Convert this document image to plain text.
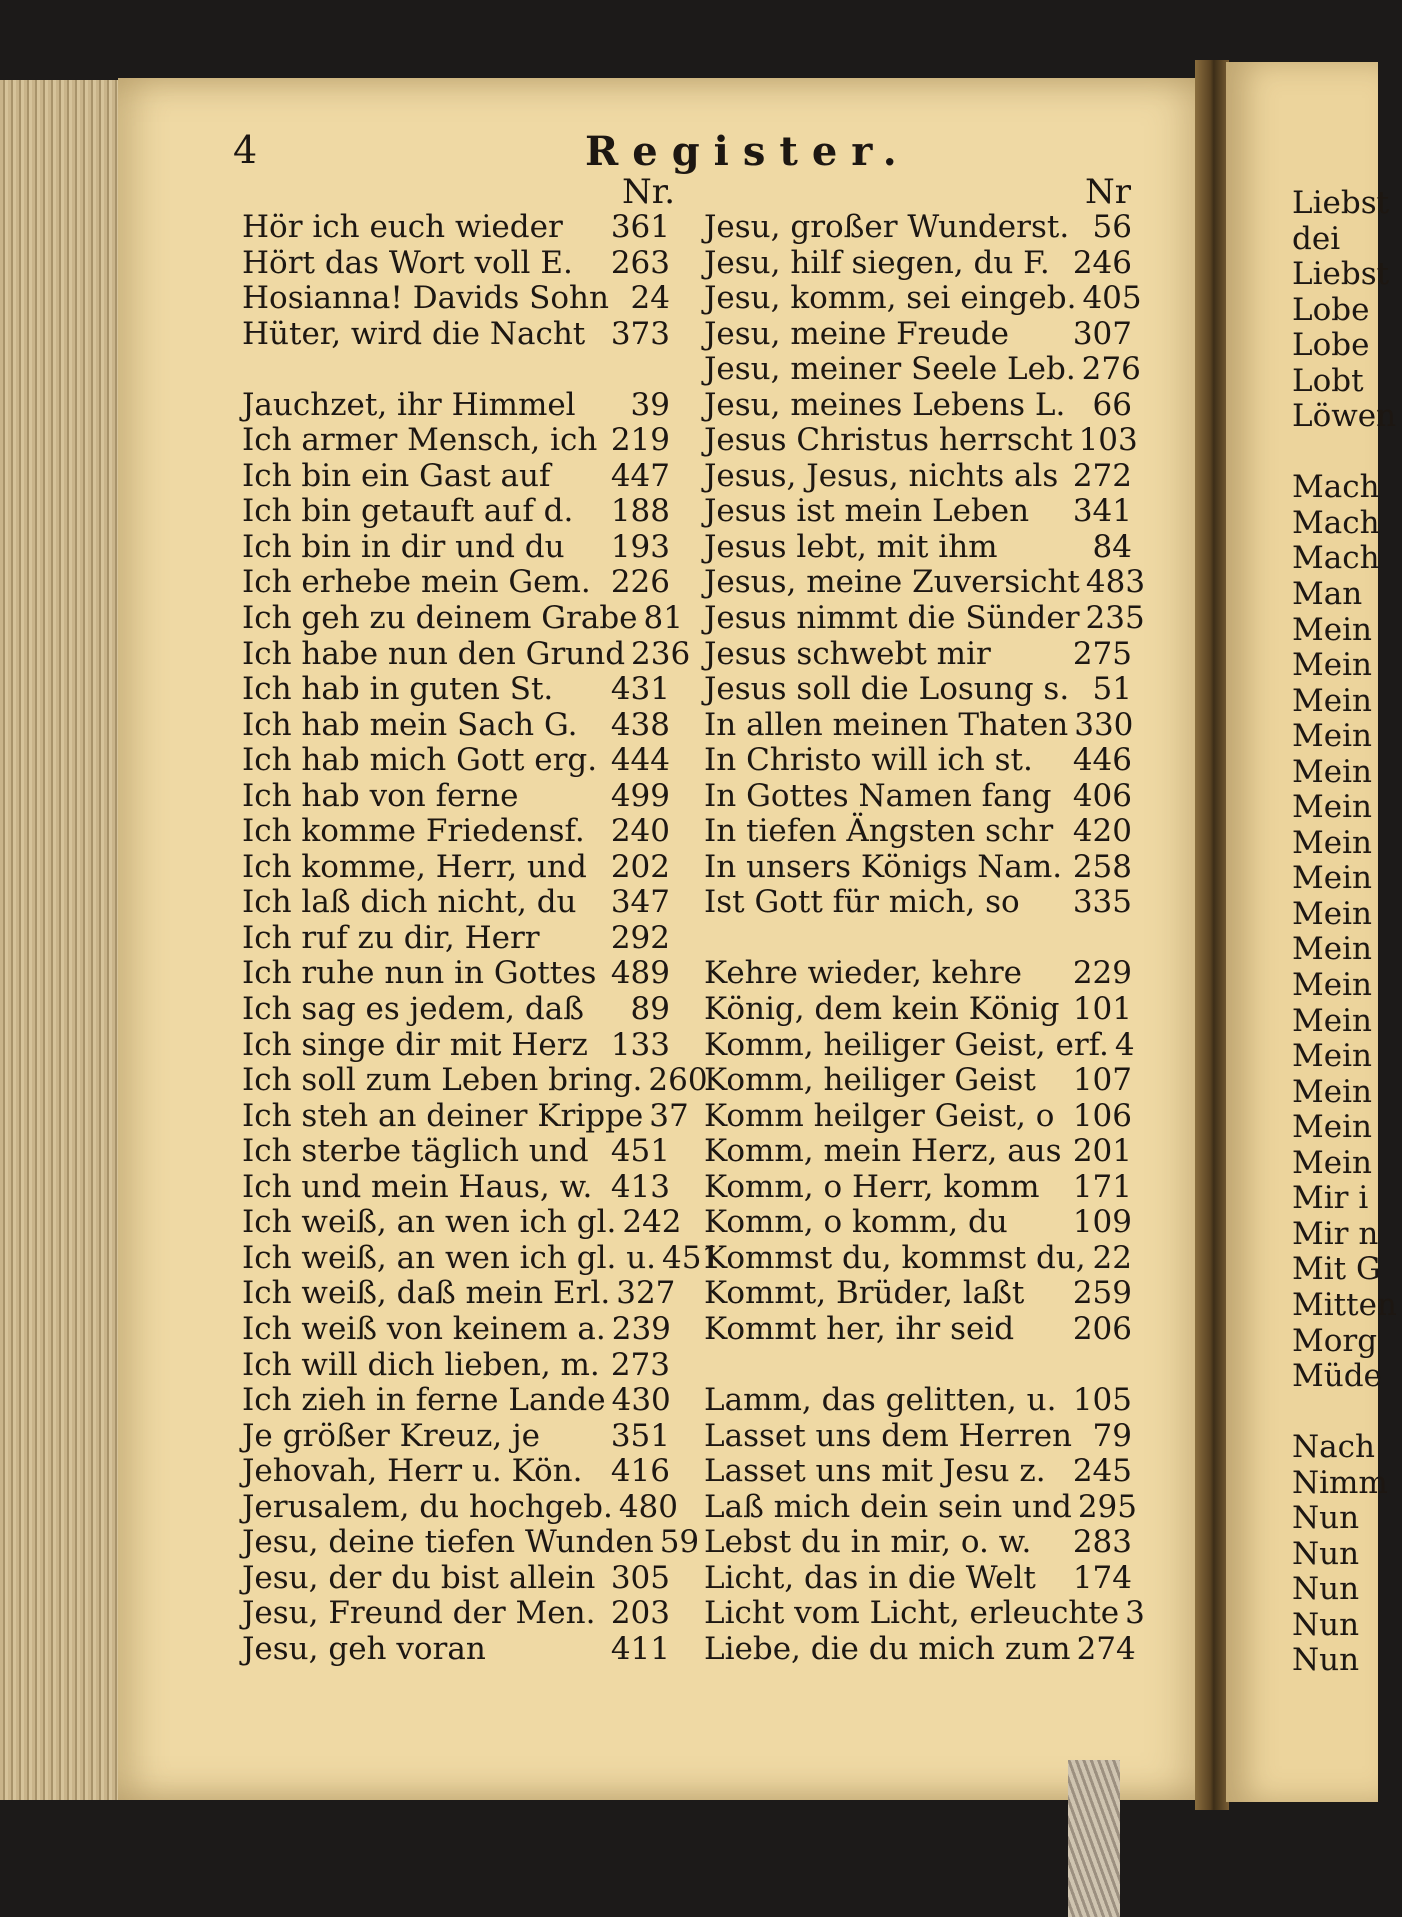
4	Register.
Nr.	Nr
Hör ich euch wieder 361
Hört das Wort voll E. 263
Hosianna! Davids Sohn 24
Hüter, wird die Nacht 373
Jauchzet, ihr Himmel 39
Ich armer Mensch, ich 219
Ich bin ein Gast auf 447
Ich bin getauft auf d. 188
Ich bin in dir und du 193
Ich erhebe mein Gem. 226
Ich geh zu deinem Grabe 81
Ich habe nun den Grund 236
Ich hab in guten St. 431
Ich hab mein Sach G. 438
Ich hab mich Gott erg. 444
Ich hab von ferne	499
Ich komme Friedensf. 240
Ich komme, Herr, und 202
Ich laß dich nicht, du 347
Ich ruf zu dir, Herr 292
Ich ruhe nun in Gottes 489
Ich sag es jedem, daß 89
Ich singe dir mit Herz 133
Ich soll zum Leben bring. 260
Ich steh an deiner Krippe 37
Ich sterbe täglich und 451
Ich und mein Haus, w. 413
Ich weiß, an wen ich gl. 242
Ich weiß, an wen ich gl. u. 451
Ich weiß, daß mein Erl. 327
Ich weiß von keinem a. 239
Ich will dich lieben, m. 273
Ich zieh in ferne Lande 430
Je größer Kreuz, je 351
Jehovah, Herr u. Kön. 416
Jerusalem, du hochgeb. 480
Jesu, deine tiefen Wunden 59
Jesu, der du bist allein 305
Jesu, Freund der Men. 203
Jesu, geh voran	411
Jesu, großer Wunderst. 56
Jesu, hilf siegen, du F. 246
Jesu, komm, sei eingeb. 405
Jesu, meine Freude 307
Jesu, meiner Seele Leb. 276
Jesu, meines Lebens L. 66
Jesus Christus herrscht 103
Jesus, Jesus, nichts als 272
Jesus ist mein Leben 341
Jesus lebt, mit ihm	84
Jesus, meine Zuversicht 483
Jesus nimmt die Sünder 235
Jesus schwebt mir	275
Jesus soll die Losung s. 51
In allen meinen Thaten 330
In Christo will ich st. 446
In Gottes Namen fang 406
In tiefen Ängsten schr 420
In unsers Königs Nam. 258
Ist Gott für mich, so 335
Kehre wieder, kehre 229
König, dem kein König 101
Komm, heiliger Geist, erf. 4
Komm, heiliger Geist 107
Komm heilger Geist, o 106
Komm, mein Herz, aus 201
Komm, o Herr, komm 171
Komm, o komm, du 109
Kommst du, kommst du, 22
Kommt, Brüder, laßt 259
Kommt her, ihr seid 206
Lamm, das gelitten, u. 105
Lasset uns dem Herren 79
Lasset uns mit Jesu z. 245
Laß mich dein sein und 295
Lebst du in mir, o. w. 283
Licht, das in die Welt 174
Licht vom Licht, erleuchte 3
Liebe, die du mich zum 274
Liebst
dei
Liebst
Lobe
Lobe
Lobt
Löwen
Mach
Mach
Mach
Man
Mein
Mein
Mein
Mein
Mein
Mein
Mein
Mein
Mein
Mein
Mein
Mein
Mein
Mein
Mein
Mein
Mir i
Mir n
Mit G
Mitten
Morg
Müde
Nach
Nimm
Nun
Nun
Nun
Nun
Nun
